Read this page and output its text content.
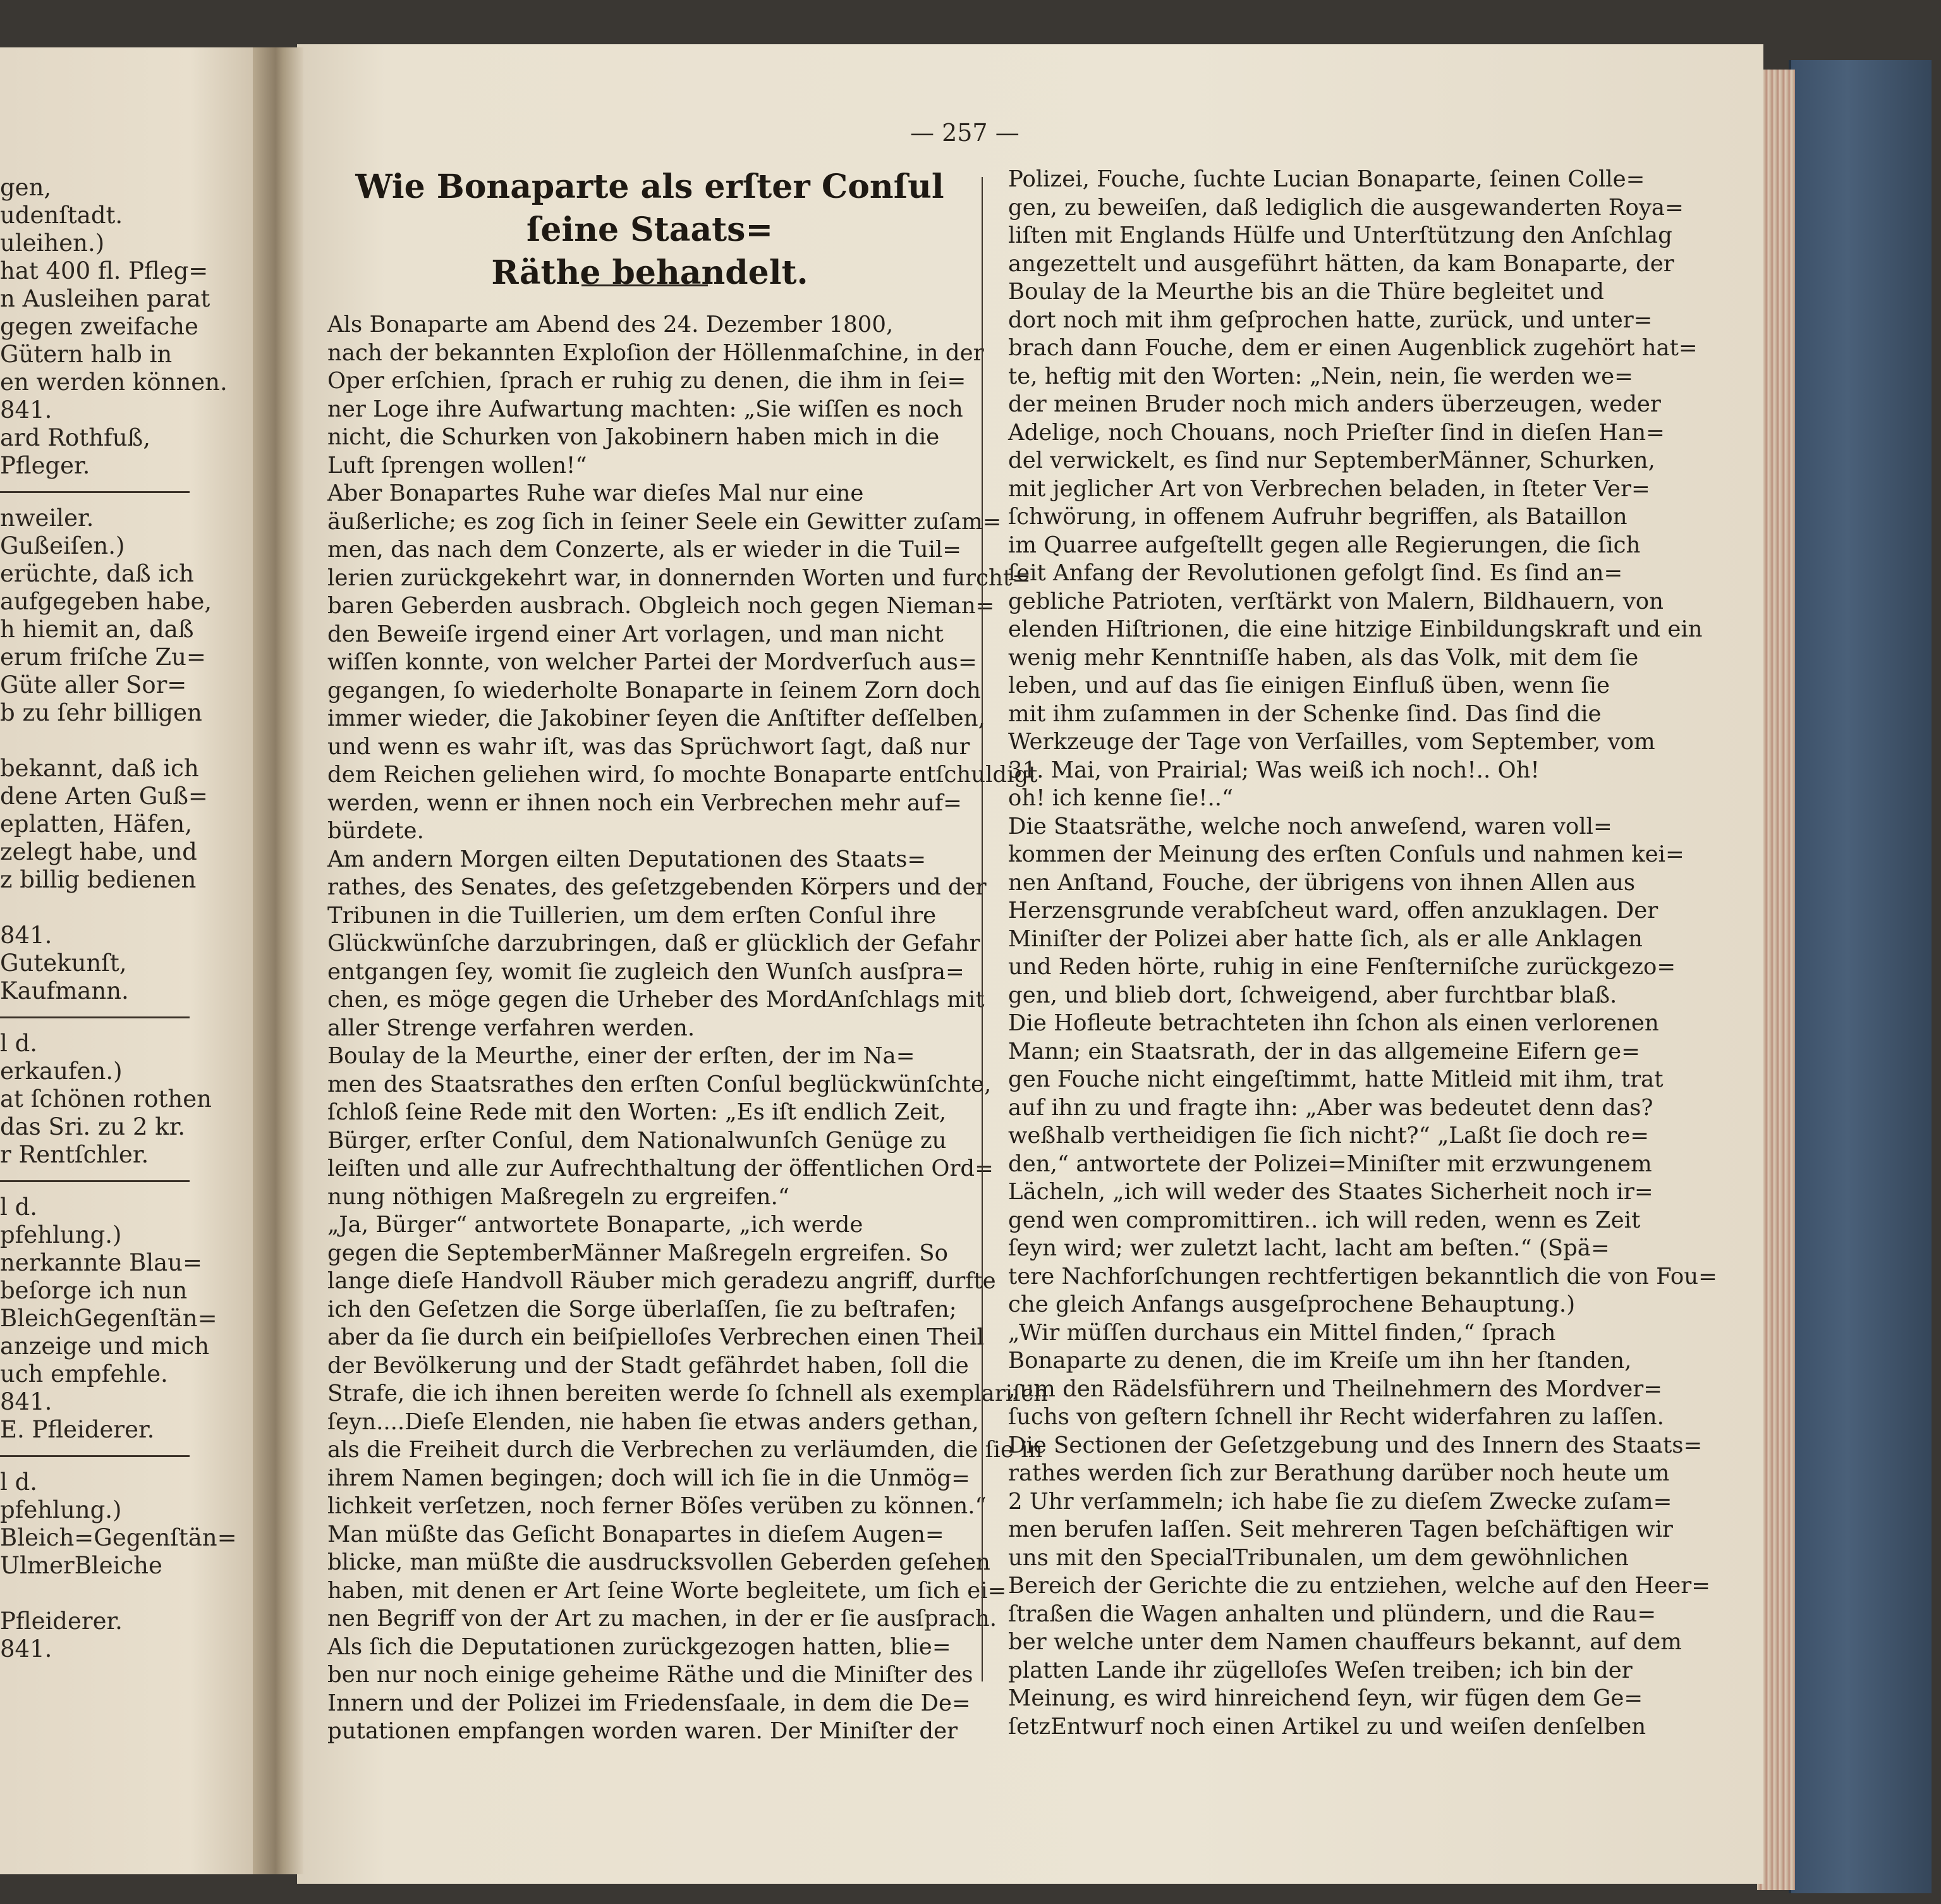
gen,
udenſtadt.
uleihen.)
hat 400 fl. Pfleg=
n Ausleihen parat
gegen zweifache
Gütern halb in
en werden können.
841.
ard Rothfuß,
Pfleger.
nweiler.
Gußeiſen.)
erüchte, daß ich
aufgegeben habe,
h hiemit an, daß
erum friſche Zu=
Güte aller Sor=
b zu ſehr billigen
bekannt, daß ich
dene Arten Guß=
eplatten, Häfen,
zelegt habe, und
z billig bedienen
841.
Gutekunſt,
Kaufmann.
l d.
erkaufen.)
at ſchönen rothen
das Sri. zu 2 kr.
r Rentſchler.
l d.
pfehlung.)
nerkannte Blau=
beſorge ich nun
BleichGegenſtän=
anzeige und mich
uch empfehle.
841.
E. Pfleiderer.
l d.
pfehlung.)
Bleich=Gegenſtän=
UlmerBleiche
Pfleiderer.
841.
— 257 —
Wie Bonaparte als erſter Conſul ſeine Staats=
Räthe behandelt.
Als Bonaparte am Abend des 24. Dezember 1800,
nach der bekannten Exploſion der Höllenmaſchine, in der
Oper erſchien, ſprach er ruhig zu denen, die ihm in ſei=
ner Loge ihre Aufwartung machten: „Sie wiſſen es noch
nicht, die Schurken von Jakobinern haben mich in die
Luft ſprengen wollen!“
Aber Bonapartes Ruhe war dieſes Mal nur eine
äußerliche; es zog ſich in ſeiner Seele ein Gewitter zuſam=
men, das nach dem Conzerte, als er wieder in die Tuil=
lerien zurückgekehrt war, in donnernden Worten und furcht=
baren Geberden ausbrach. Obgleich noch gegen Nieman=
den Beweiſe irgend einer Art vorlagen, und man nicht
wiſſen konnte, von welcher Partei der Mordverſuch aus=
gegangen, ſo wiederholte Bonaparte in ſeinem Zorn doch
immer wieder, die Jakobiner ſeyen die Anſtifter deſſelben,
und wenn es wahr iſt, was das Sprüchwort ſagt, daß nur
dem Reichen geliehen wird, ſo mochte Bonaparte entſchuldigt
werden, wenn er ihnen noch ein Verbrechen mehr auf=
bürdete.
Am andern Morgen eilten Deputationen des Staats=
rathes, des Senates, des geſetzgebenden Körpers und der
Tribunen in die Tuillerien, um dem erſten Conſul ihre
Glückwünſche darzubringen, daß er glücklich der Gefahr
entgangen ſey, womit ſie zugleich den Wunſch ausſpra=
chen, es möge gegen die Urheber des MordAnſchlags mit
aller Strenge verfahren werden.
Boulay de la Meurthe, einer der erſten, der im Na=
men des Staatsrathes den erſten Conſul beglückwünſchte,
ſchloß ſeine Rede mit den Worten: „Es iſt endlich Zeit,
Bürger, erſter Conſul, dem Nationalwunſch Genüge zu
leiſten und alle zur Aufrechthaltung der öffentlichen Ord=
nung nöthigen Maßregeln zu ergreifen.“
„Ja, Bürger“ antwortete Bonaparte, „ich werde
gegen die SeptemberMänner Maßregeln ergreifen. So
lange dieſe Handvoll Räuber mich geradezu angriff, durfte
ich den Geſetzen die Sorge überlaſſen, ſie zu beſtrafen;
aber da ſie durch ein beiſpielloſes Verbrechen einen Theil
der Bevölkerung und der Stadt gefährdet haben, ſoll die
Strafe, die ich ihnen bereiten werde ſo ſchnell als exemplariſch
ſeyn....Dieſe Elenden, nie haben ſie etwas anders gethan,
als die Freiheit durch die Verbrechen zu verläumden, die ſie in
ihrem Namen begingen; doch will ich ſie in die Unmög=
lichkeit verſetzen, noch ferner Böſes verüben zu können.“
Man müßte das Geſicht Bonapartes in dieſem Augen=
blicke, man müßte die ausdrucksvollen Geberden geſehen
haben, mit denen er Art ſeine Worte begleitete, um ſich ei=
nen Begriff von der Art zu machen, in der er ſie ausſprach.
Als ſich die Deputationen zurückgezogen hatten, blie=
ben nur noch einige geheime Räthe und die Miniſter des
Innern und der Polizei im Friedensſaale, in dem die De=
putationen empfangen worden waren. Der Miniſter der
Polizei, Fouche, ſuchte Lucian Bonaparte, ſeinen Colle=
gen, zu beweiſen, daß lediglich die ausgewanderten Roya=
liſten mit Englands Hülfe und Unterſtützung den Anſchlag
angezettelt und ausgeführt hätten, da kam Bonaparte, der
Boulay de la Meurthe bis an die Thüre begleitet und
dort noch mit ihm geſprochen hatte, zurück, und unter=
brach dann Fouche, dem er einen Augenblick zugehört hat=
te, heftig mit den Worten: „Nein, nein, ſie werden we=
der meinen Bruder noch mich anders überzeugen, weder
Adelige, noch Chouans, noch Prieſter ſind in dieſen Han=
del verwickelt, es ſind nur SeptemberMänner, Schurken,
mit jeglicher Art von Verbrechen beladen, in ſteter Ver=
ſchwörung, in offenem Aufruhr begriffen, als Bataillon
im Quarree aufgeſtellt gegen alle Regierungen, die ſich
ſeit Anfang der Revolutionen gefolgt ſind. Es ſind an=
gebliche Patrioten, verſtärkt von Malern, Bildhauern, von
elenden Hiſtrionen, die eine hitzige Einbildungskraft und ein
wenig mehr Kenntniſſe haben, als das Volk, mit dem ſie
leben, und auf das ſie einigen Einfluß üben, wenn ſie
mit ihm zuſammen in der Schenke ſind. Das ſind die
Werkzeuge der Tage von Verſailles, vom September, vom
31. Mai, von Prairial; Was weiß ich noch!.. Oh!
oh! ich kenne ſie!..“
Die Staatsräthe, welche noch anweſend, waren voll=
kommen der Meinung des erſten Conſuls und nahmen kei=
nen Anſtand, Fouche, der übrigens von ihnen Allen aus
Herzensgrunde verabſcheut ward, offen anzuklagen. Der
Miniſter der Polizei aber hatte ſich, als er alle Anklagen
und Reden hörte, ruhig in eine Fenſterniſche zurückgezo=
gen, und blieb dort, ſchweigend, aber furchtbar blaß.
Die Hofleute betrachteten ihn ſchon als einen verlorenen
Mann; ein Staatsrath, der in das allgemeine Eifern ge=
gen Fouche nicht eingeſtimmt, hatte Mitleid mit ihm, trat
auf ihn zu und fragte ihn: „Aber was bedeutet denn das?
weßhalb vertheidigen ſie ſich nicht?“ „Laßt ſie doch re=
den,“ antwortete der Polizei=Miniſter mit erzwungenem
Lächeln, „ich will weder des Staates Sicherheit noch ir=
gend wen compromittiren.. ich will reden, wenn es Zeit
ſeyn wird; wer zuletzt lacht, lacht am beſten.“ (Spä=
tere Nachforſchungen rechtfertigen bekanntlich die von Fou=
che gleich Anfangs ausgeſprochene Behauptung.)
„Wir müſſen durchaus ein Mittel finden,“ ſprach
Bonaparte zu denen, die im Kreiſe um ihn her ſtanden,
„um den Rädelsführern und Theilnehmern des Mordver=
ſuchs von geſtern ſchnell ihr Recht widerfahren zu laſſen.
Die Sectionen der Geſetzgebung und des Innern des Staats=
rathes werden ſich zur Berathung darüber noch heute um
2 Uhr verſammeln; ich habe ſie zu dieſem Zwecke zuſam=
men berufen laſſen. Seit mehreren Tagen beſchäftigen wir
uns mit den SpecialTribunalen, um dem gewöhnlichen
Bereich der Gerichte die zu entziehen, welche auf den Heer=
ſtraßen die Wagen anhalten und plündern, und die Rau=
ber welche unter dem Namen chauffeurs bekannt, auf dem
platten Lande ihr zügelloſes Weſen treiben; ich bin der
Meinung, es wird hinreichend ſeyn, wir fügen dem Ge=
ſetzEntwurf noch einen Artikel zu und weiſen denſelben
